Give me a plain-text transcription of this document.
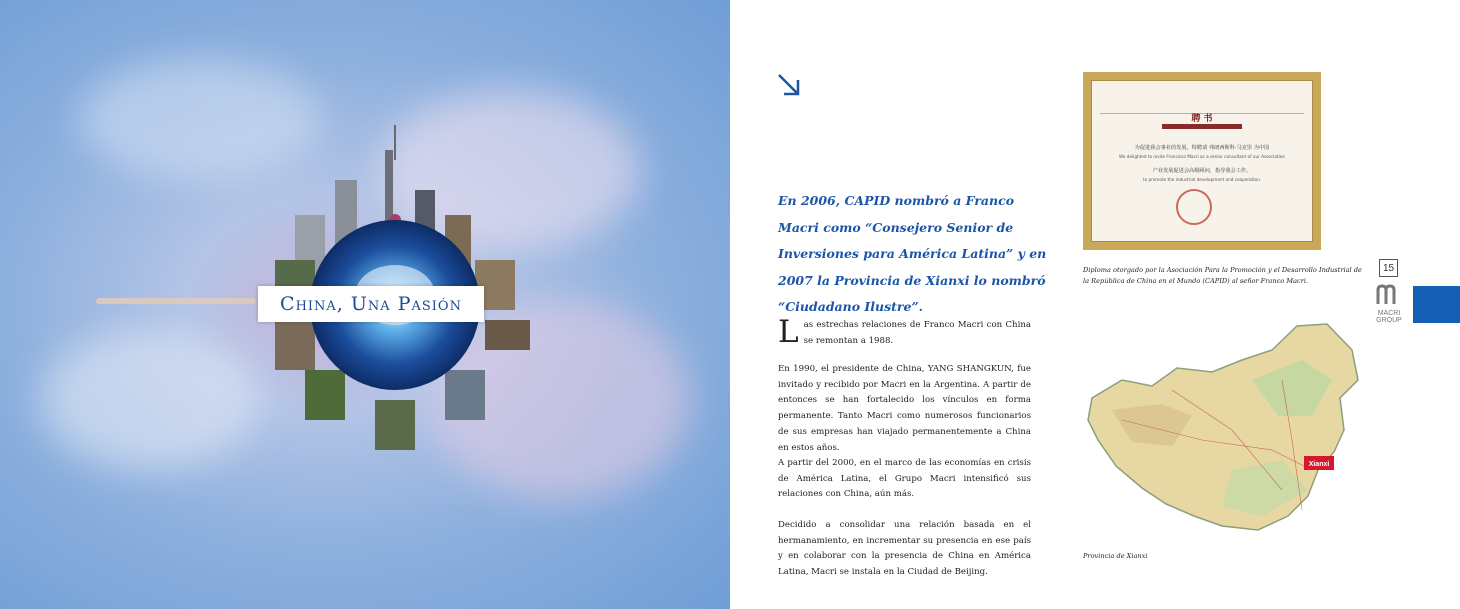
China, Una Pasión
En 2006, CAPID nombró a Franco Macri como “Consejero Senior de Inversiones para América Latina” y en 2007 la Provincia de Xianxi lo nombró “Ciudadano Ilustre”.
Las estrechas relaciones de Franco Macri con China se remontan a 1988.
En 1990, el presidente de China, YANG SHANGKUN, fue invitado y recibido por Macri en la Argentina. A partir de entonces se han fortalecido los vínculos en forma permanente. Tanto Macri como numerosos funcionarios de sus empresas han viajado permanentemente a China en estos años.
A partir del 2000, en el marco de las economías en crisis de América Latina, el Grupo Macri intensificó sus relaciones con China, aún más.
Decidido a consolidar una relación basada en el hermanamiento, en incrementar su presencia en ese país y en colaborar con la presencia de China en América Latina, Macri se instala en la Ciudad de Beijing.
聘 书
为促进我会事业的发展，特聘请 弗朗西斯科·马克里 为中国
We delighted to invite Francisco Macri as a senior consultant of our Association
产业发展促进会高级顾问，指导我会工作。
to promote the industrial development and cooperation.
Diploma otorgado por la Asociación Para la Promoción y el Desarrollo Industrial de la República de China en el Mundo (CAPID) al señor Franco Macri.
15
MACRI
GROUP
Xianxi
Provincia de Xianxi
